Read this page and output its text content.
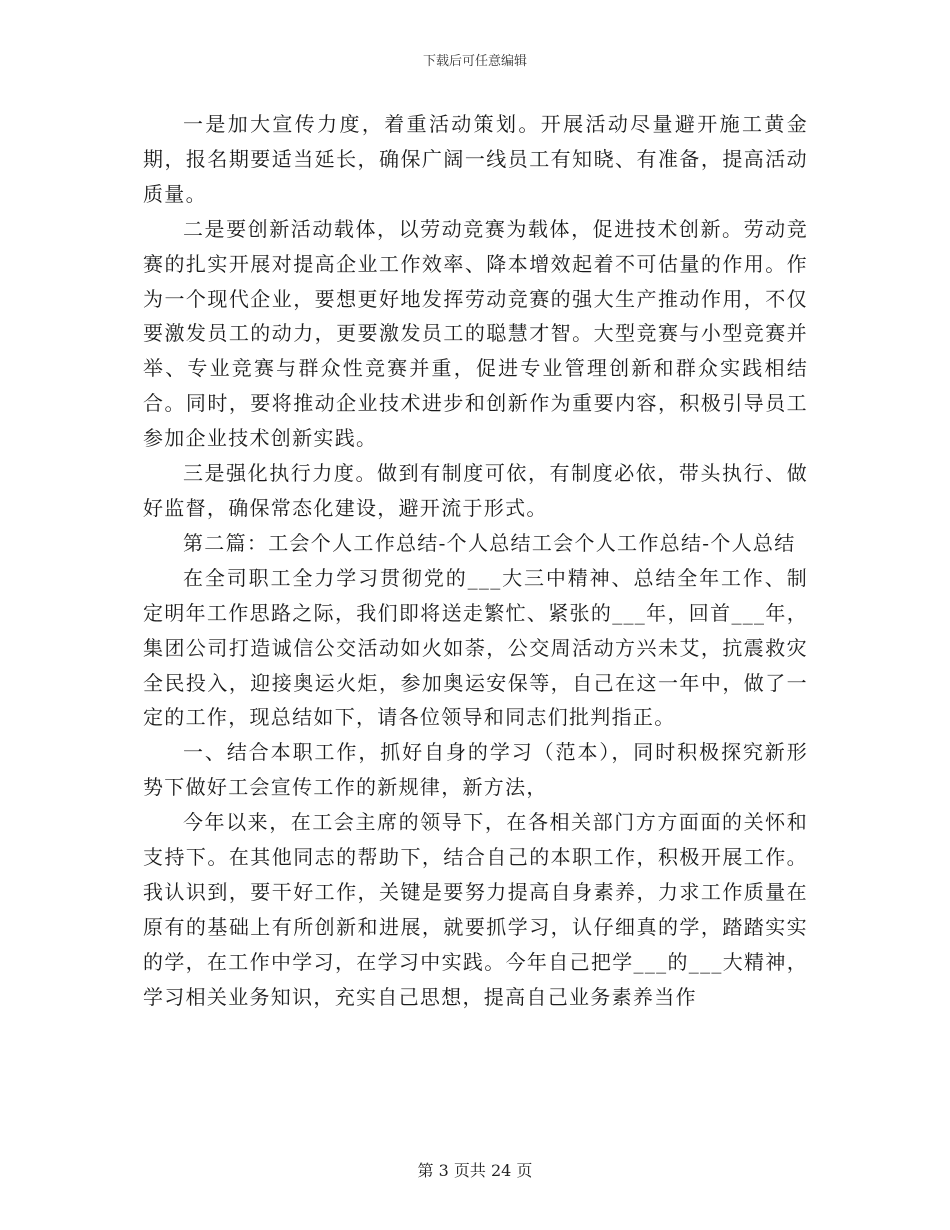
下载后可任意编辑

一是加大宣传力度，着重活动策划。开展活动尽量避开施工黄金期，报名期要适当延长，确保广阔一线员工有知晓、有准备，提高活动质量。

二是要创新活动载体，以劳动竞赛为载体，促进技术创新。劳动竞赛的扎实开展对提高企业工作效率、降本增效起着不可估量的作用。作为一个现代企业，要想更好地发挥劳动竞赛的强大生产推动作用，不仅要激发员工的动力，更要激发员工的聪慧才智。大型竞赛与小型竞赛并举、专业竞赛与群众性竞赛并重，促进专业管理创新和群众实践相结合。同时，要将推动企业技术进步和创新作为重要内容，积极引导员工参加企业技术创新实践。

三是强化执行力度。做到有制度可依，有制度必依，带头执行、做好监督，确保常态化建设，避开流于形式。

第二篇：工会个人工作总结-个人总结工会个人工作总结-个人总结

在全司职工全力学习贯彻党的___大三中精神、总结全年工作、制定明年工作思路之际，我们即将送走繁忙、紧张的___年，回首___年，集团公司打造诚信公交活动如火如荼，公交周活动方兴未艾，抗震救灾全民投入，迎接奥运火炬，参加奥运安保等，自己在这一年中，做了一定的工作，现总结如下，请各位领导和同志们批判指正。

一、结合本职工作，抓好自身的学习（范本），同时积极探究新形势下做好工会宣传工作的新规律，新方法，

今年以来，在工会主席的领导下，在各相关部门方方面面的关怀和支持下。在其他同志的帮助下，结合自己的本职工作，积极开展工作。我认识到，要干好工作，关键是要努力提高自身素养，力求工作质量在原有的基础上有所创新和进展，就要抓学习，认仔细真的学，踏踏实实的学，在工作中学习，在学习中实践。今年自己把学___的___大精神，学习相关业务知识，充实自己思想，提高自己业务素养当作

第 3 页共 24 页
